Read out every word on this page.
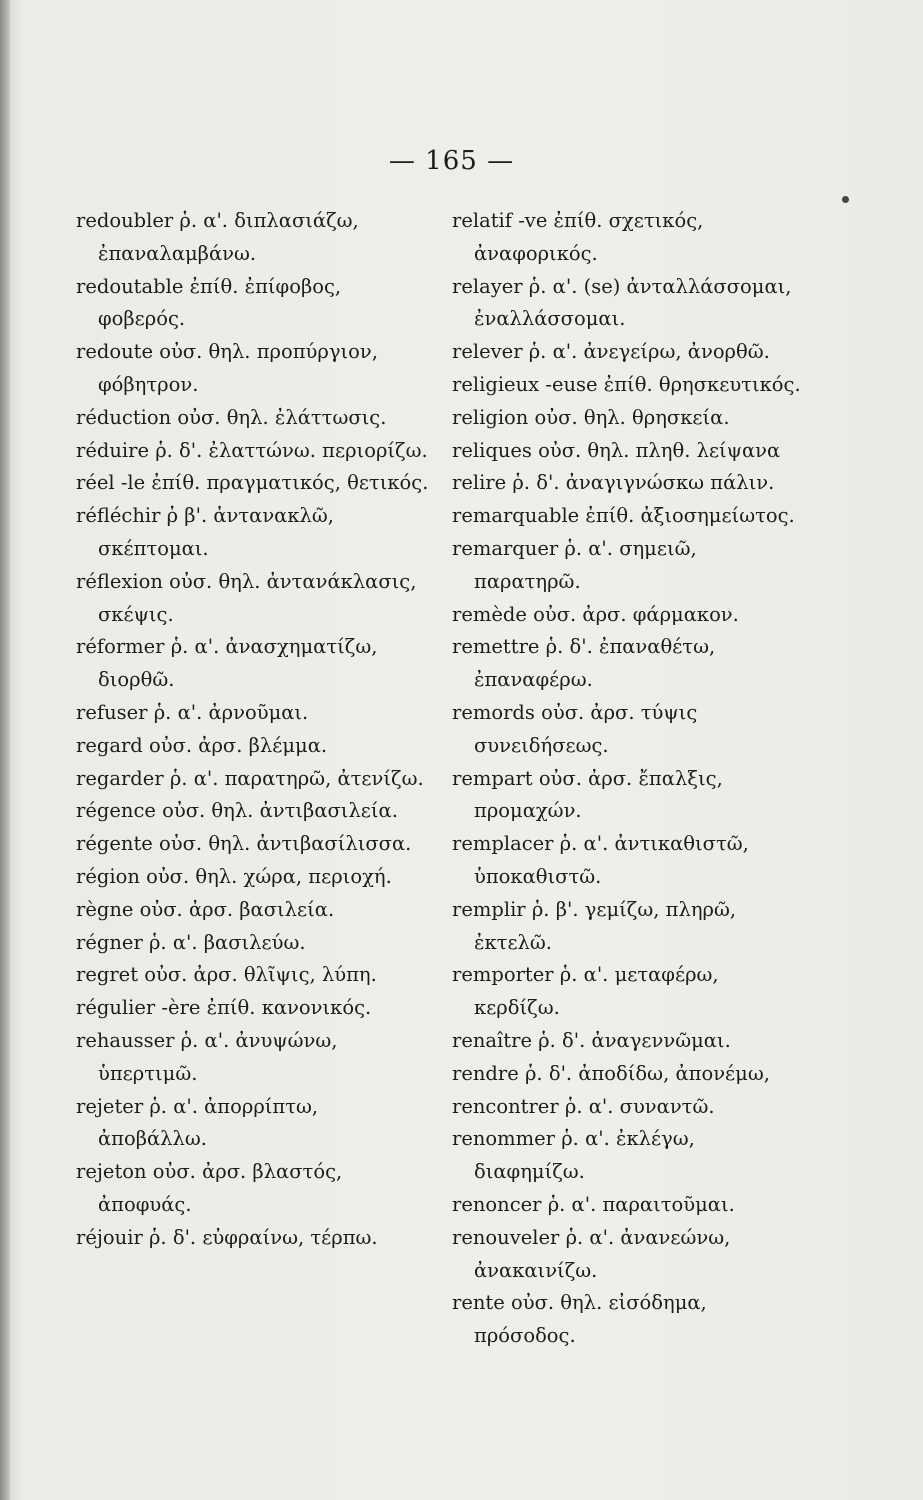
— 165 —

redoubler ῥ. α'. διπλασιάζω, ἐπαναλαμβάνω.

redoutable ἐπίθ. ἐπίφοβος, φοβερός.

redoute οὐσ. θηλ. προπύργιον, φόβητρον.

réduction οὐσ. θηλ. ἐλάττωσις.

réduire ῥ. δ'. ἐλαττώνω. περιορίζω.

réel -le ἐπίθ. πραγματικός, θετικός.

réfléchir ῥ β'. ἀντανακλῶ, σκέπτομαι.

réflexion οὐσ. θηλ. ἀντανάκλασις, σκέψις.

réformer ῥ. α'. ἀνασχηματίζω, διορθῶ.

refuser ῥ. α'. ἀρνοῦμαι.

regard οὐσ. ἀρσ. βλέμμα.

regarder ῥ. α'. παρατηρῶ, ἀτενίζω.

régence οὐσ. θηλ. ἀντιβασιλεία.

régente οὐσ. θηλ. ἀντιβασίλισσα.

région οὐσ. θηλ. χώρα, περιοχή.

règne οὐσ. ἀρσ. βασιλεία.

régner ῥ. α'. βασιλεύω.

regret οὐσ. ἀρσ. θλῖψις, λύπη.

régulier -ère ἐπίθ. κανονικός.

rehausser ῥ. α'. ἀνυψώνω, ὑπερτιμῶ.

rejeter ῥ. α'. ἀπορρίπτω, ἀποβάλλω.

rejeton οὐσ. ἀρσ. βλαστός, ἀποφυάς.

réjouir ῥ. δ'. εὐφραίνω, τέρπω.

relatif -ve ἐπίθ. σχετικός, ἀναφορικός.

relayer ῥ. α'. (se) ἀνταλλάσσομαι, ἐναλλάσσομαι.

relever ῥ. α'. ἀνεγείρω, ἀνορθῶ.

religieux -euse ἐπίθ. θρησκευτικός.

religion οὐσ. θηλ. θρησκεία.

reliques οὐσ. θηλ. πληθ. λείψανα

relire ῥ. δ'. ἀναγιγνώσκω πάλιν.

remarquable ἐπίθ. ἀξιοσημείωτος.

remarquer ῥ. α'. σημειῶ, παρατηρῶ.

remède οὐσ. ἀρσ. φάρμακον.

remettre ῥ. δ'. ἐπαναθέτω, ἐπαναφέρω.

remords οὐσ. ἀρσ. τύψις συνειδήσεως.

rempart οὐσ. ἀρσ. ἔπαλξις, προμαχών.

remplacer ῥ. α'. ἀντικαθιστῶ, ὑποκαθιστῶ.

remplir ῥ. β'. γεμίζω, πληρῶ, ἐκτελῶ.

remporter ῥ. α'. μεταφέρω, κερδίζω.

renaître ῥ. δ'. ἀναγεννῶμαι.

rendre ῥ. δ'. ἀποδίδω, ἀπονέμω,

rencontrer ῥ. α'. συναντῶ.

renommer ῥ. α'. ἐκλέγω, διαφημίζω.

renoncer ῥ. α'. παραιτοῦμαι.

renouveler ῥ. α'. ἀνανεώνω, ἀνακαινίζω.

rente οὐσ. θηλ. εἰσόδημα, πρόσοδος.
